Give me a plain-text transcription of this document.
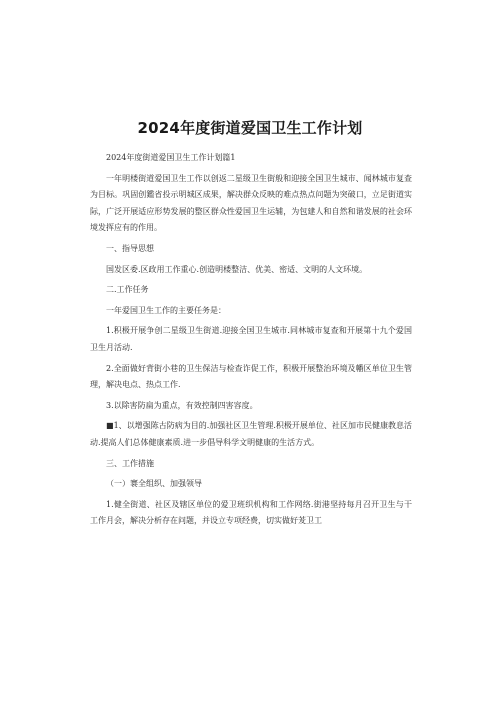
2024年度街道爱国卫生工作计划

2024年度街道爱国卫生工作计划篇1

一年明楼街道爱国卫生工作以创返二星级卫生街般和迎接全国卫生城市、闻林城市复查为目标。巩固创鑑省投示明城区成果，解决群众反映的难点热点问题为突破口，立足街道实际，广泛开展适应形势发展的整区群众性爱国卫生运辅，为包建人和自然和谐发展的社会环境发挥应有的作用。

一、指导思想

国发区委.区政用工作重心.创造明楼整洁、优美、密适、文明的人文环境。

二.工作任务

一年爱国卫生工作的主要任务是：

1.积极开展争创二星级卫生街道.迎接全国卫生城市.同林城市复查和开展第十九个爱国卫生月活动.

2.全面做好背街小巷的卫生保洁与检查诈促工作，积极开展整治环境及幡区单位卫生管理，解决电点、热点工作.

3.以除害防扁为重点，有效控制四害容度。

■1、以增强陈古防病为目的.加强社区卫生管理.积极开展单位、社区加市民健康教息活动.提高人们总体健康素质.进一步倡导科学文明健康的生活方式。

三、工作措施

（一）褰全组织、加强领导

1.健全街道、社区及辖区单位的爱卫班织机构和工作网络.街港坚持每月召开卫生与干工作月会，解决分析存在问题，并设立专项经费，切实做好茇卫工
